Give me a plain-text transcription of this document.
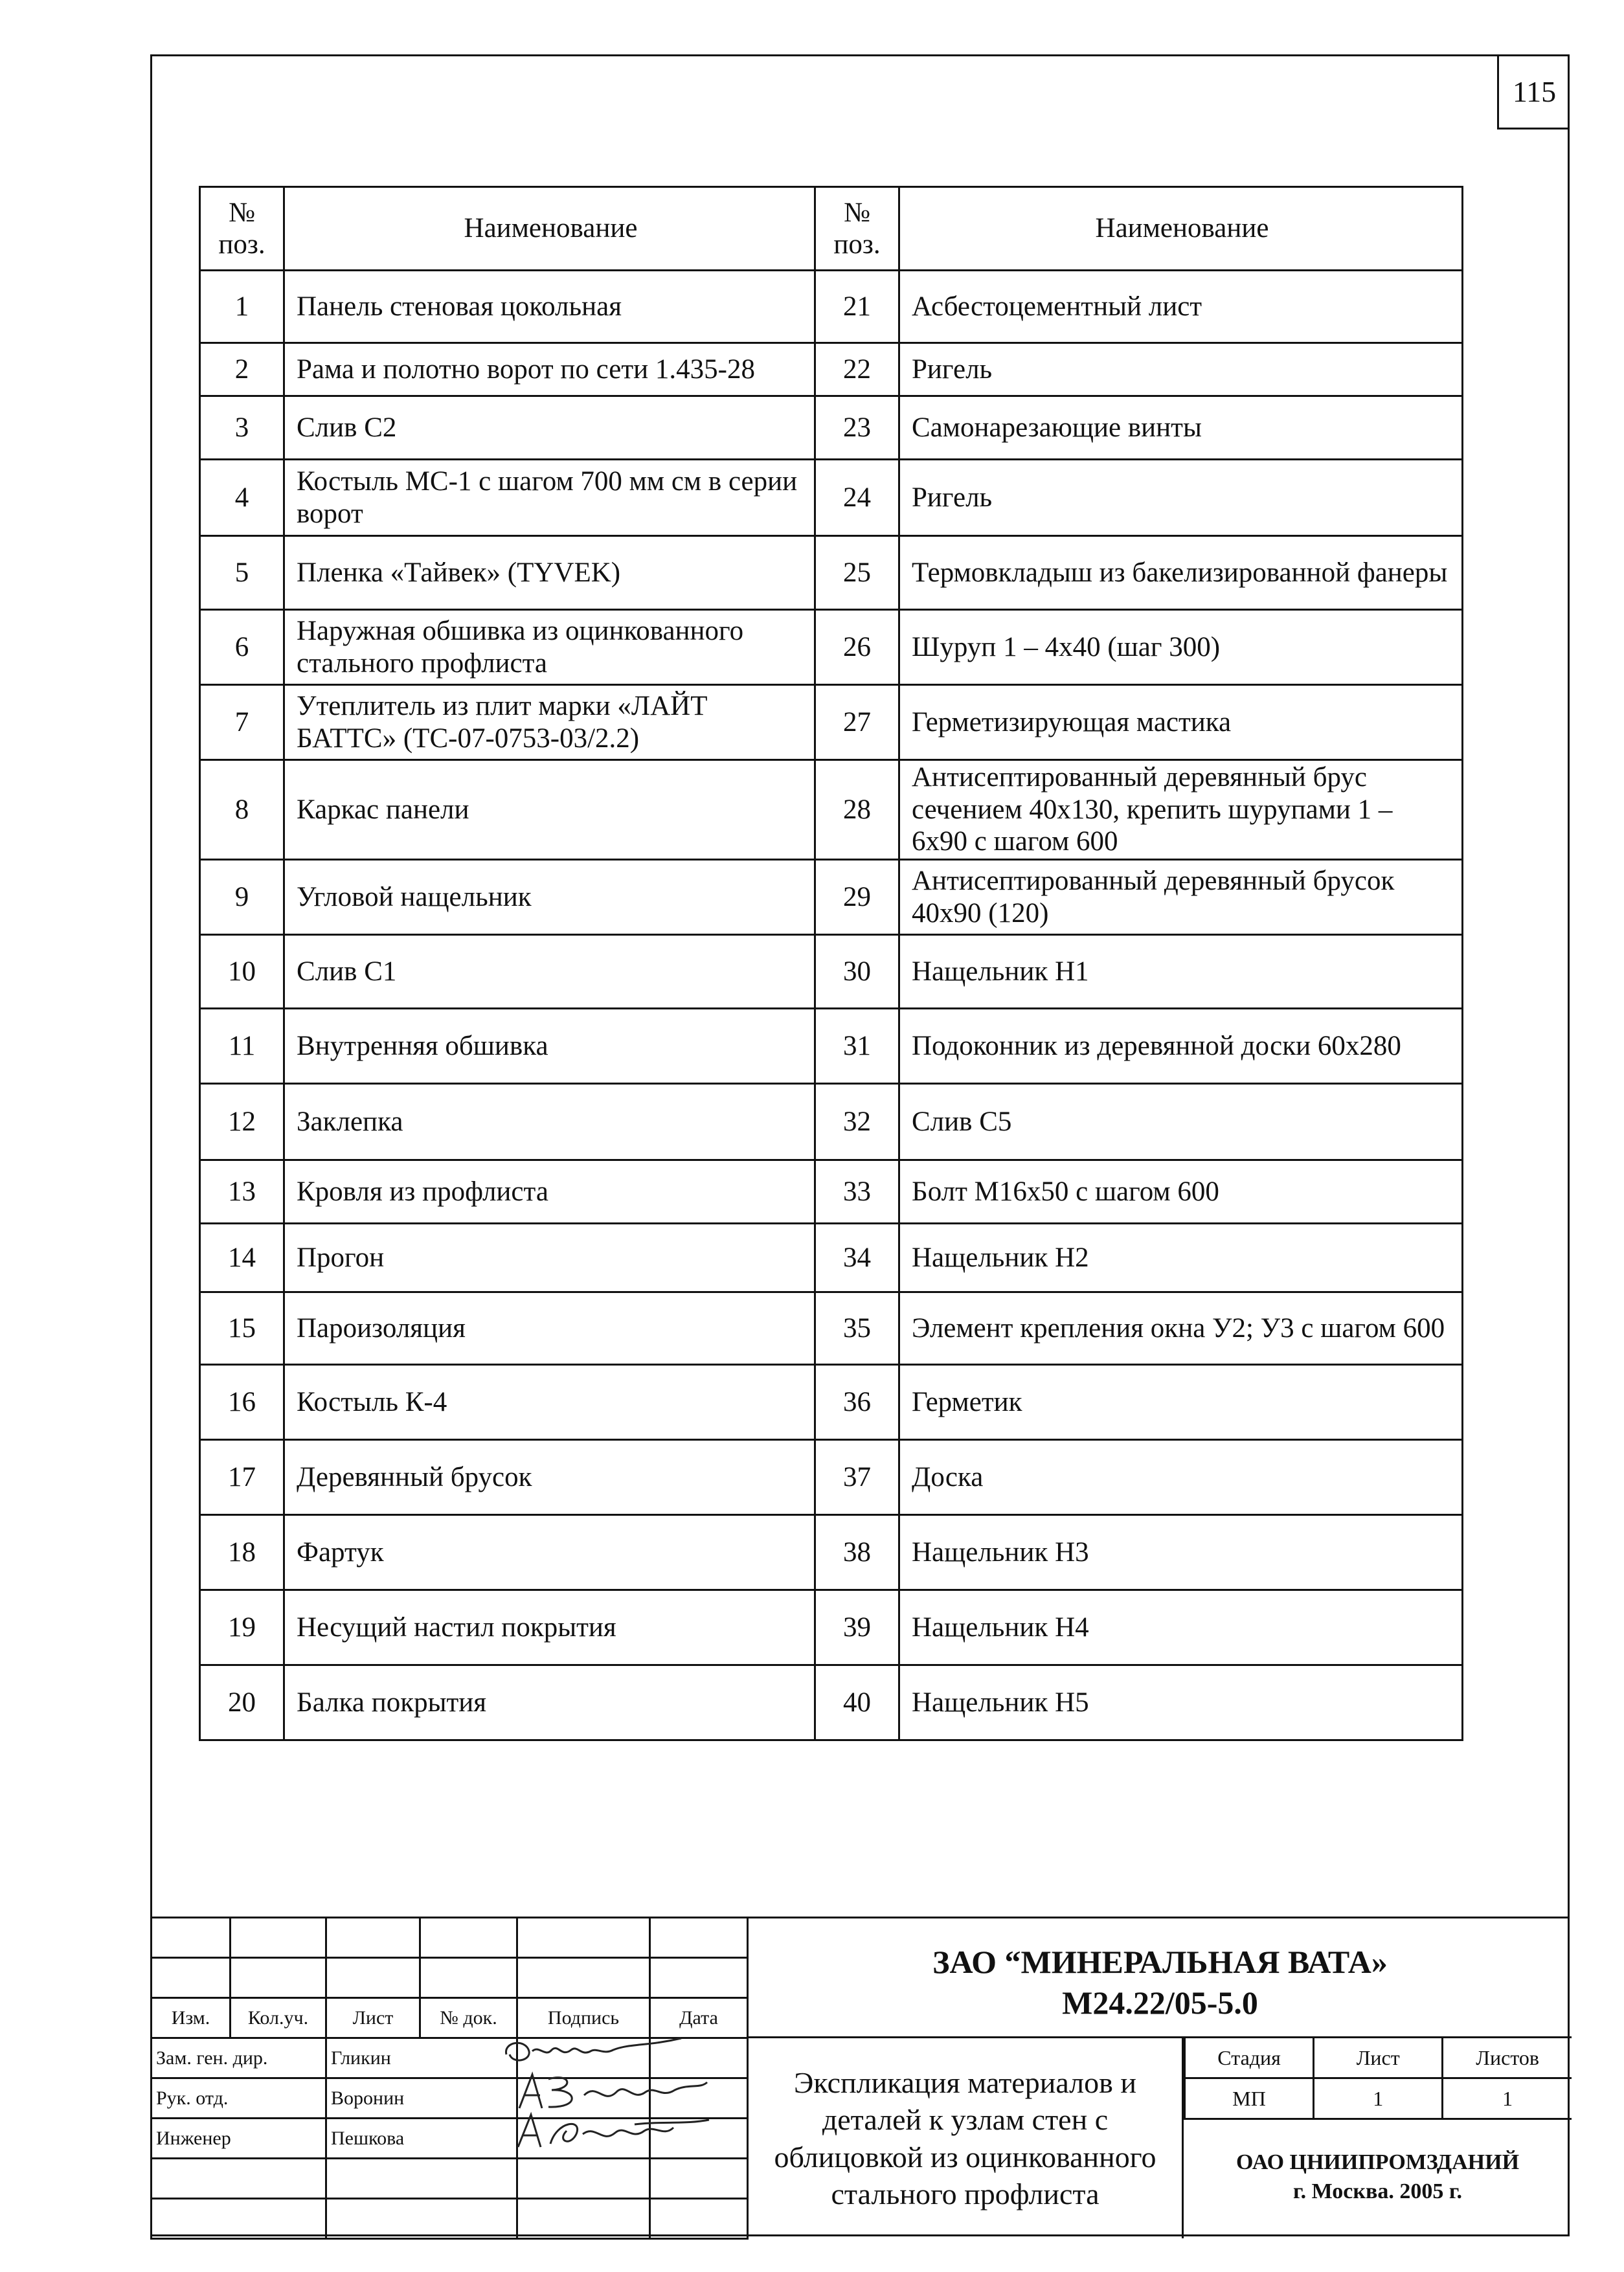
115
№ поз.	Наименование	№ поз.	Наименование
1	Панель стеновая цокольная	21	Асбестоцементный лист
2	Рама и полотно ворот по сети 1.435-28	22	Ригель
3	Слив С2	23	Самонарезающие винты
4	Костыль МС-1 с шагом 700 мм см в серии ворот	24	Ригель
5	Пленка «Тайвек» (TYVEK)	25	Термовкладыш из бакелизированной фанеры
6	Наружная обшивка из оцинкованного стального профлиста	26	Шуруп 1 – 4х40 (шаг 300)
7	Утеплитель из плит марки «ЛАЙТ БАТТС» (ТС-07-0753-03/2.2)	27	Герметизирующая мастика
8	Каркас панели	28	Антисептированный деревянный брус сечением 40х130, крепить шурупами 1 – 6х90 с шагом 600
9	Угловой нащельник	29	Антисептированный деревянный брусок 40х90 (120)
10	Слив С1	30	Нащельник Н1
11	Внутренняя обшивка	31	Подоконник из деревянной доски 60х280
12	Заклепка	32	Слив С5
13	Кровля из профлиста	33	Болт М16х50 с шагом 600
14	Прогон	34	Нащельник Н2
15	Пароизоляция	35	Элемент крепления окна У2; У3 с шагом 600
16	Костыль К-4	36	Герметик
17	Деревянный брусок	37	Доска
18	Фартук	38	Нащельник Н3
19	Несущий настил покрытия	39	Нащельник Н4
20	Балка покрытия	40	Нащельник Н5

Изм.	Кол.уч.	Лист	№ док.	Подпись	Дата
Зам. ген. дир.		Гликин			
Рук. отд.		Воронин			
Инженер		Пешкова			

ЗАО “МИНЕРАЛЬНАЯ ВАТА»
М24.22/05-5.0
Экспликация материалов и деталей к узлам стен с облицовкой из оцинкованного стального профлиста
Стадия	Лист	Листов
МП	1	1
ОАО ЦНИИПРОМЗДАНИЙ
г. Москва. 2005 г.
